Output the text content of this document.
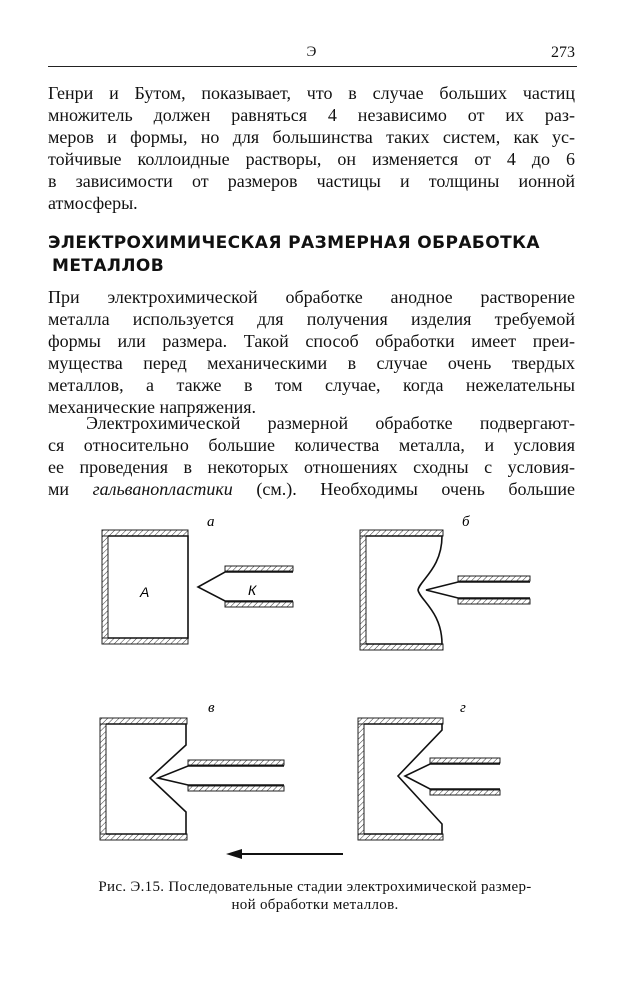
Э	273
Генри и Бутом, показывает, что в случае больших частиц
множитель должен равняться 4 независимо от их раз-
меров и формы, но для большинства таких систем, как ус-
тойчивые коллоидные растворы, он изменяется от 4 до 6
в зависимости от размеров частицы и толщины ионной
атмосферы.
ЭЛЕКТРОХИМИЧЕСКАЯ РАЗМЕРНАЯ ОБРАБОТКА
МЕТАЛЛОВ
При электрохимической обработке анодное растворение
металла используется для получения изделия требуемой
формы или размера. Такой способ обработки имеет преи-
мущества перед механическими в случае очень твердых
металлов, а также в том случае, когда нежелательны
механические напряжения.
Электрохимической размерной обработке подвергают-
ся относительно большие количества металла, и условия
ее проведения в некоторых отношениях сходны с условия-
ми гальванопластики (см.). Необходимы очень большие
а
А	К
б
в	г
Рис. Э.15. Последовательные стадии электрохимической размер-
ной обработки металлов.
